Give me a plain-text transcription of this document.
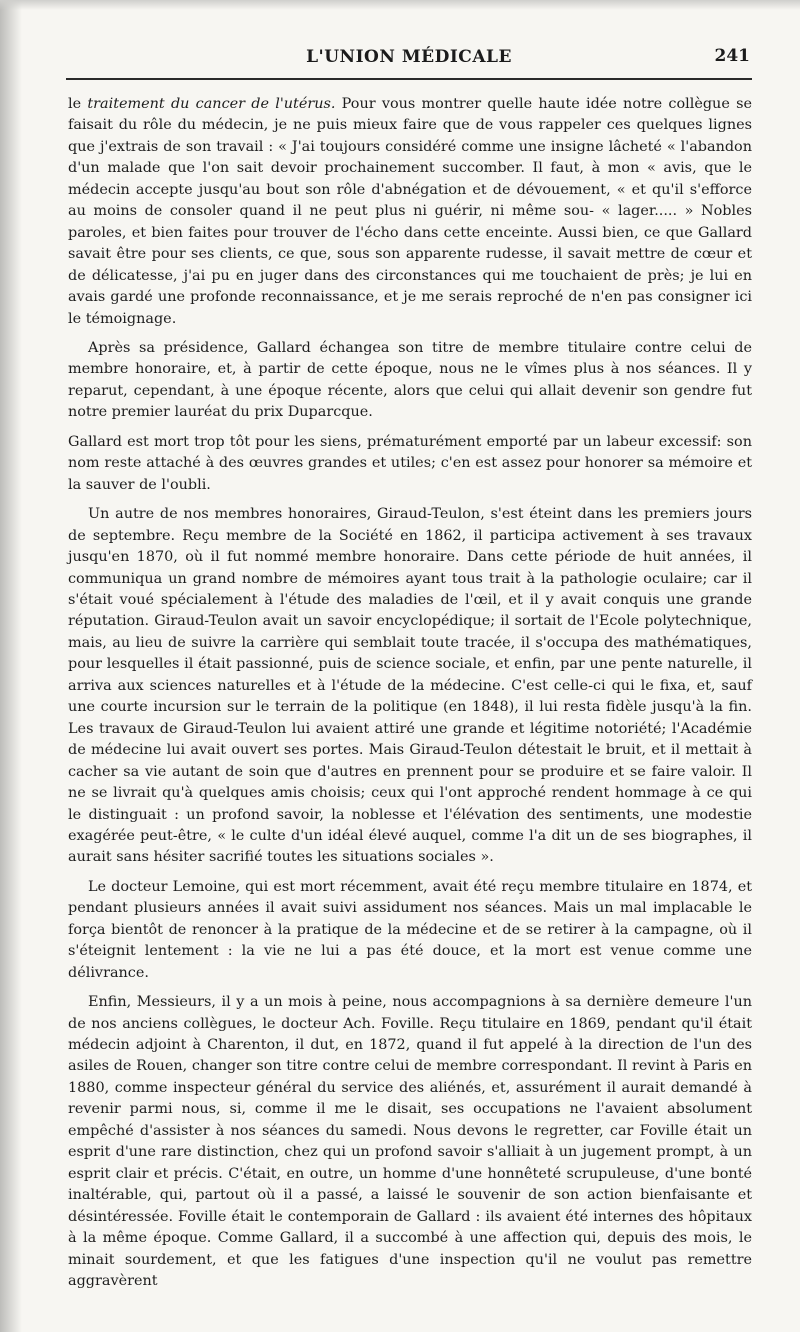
L'UNION MÉDICALE	241

le traitement du cancer de l'utérus. Pour vous montrer quelle haute idée notre collègue se faisait du rôle du médecin, je ne puis mieux faire que de vous rappeler ces quelques lignes que j'extrais de son travail : « J'ai toujours considéré comme une insigne lâcheté « l'abandon d'un malade que l'on sait devoir prochainement succomber. Il faut, à mon « avis, que le médecin accepte jusqu'au bout son rôle d'abnégation et de dévouement, « et qu'il s'efforce au moins de consoler quand il ne peut plus ni guérir, ni même sou- « lager..... » Nobles paroles, et bien faites pour trouver de l'écho dans cette enceinte. Aussi bien, ce que Gallard savait être pour ses clients, ce que, sous son apparente rudesse, il savait mettre de cœur et de délicatesse, j'ai pu en juger dans des circonstances qui me touchaient de près; je lui en avais gardé une profonde reconnaissance, et je me serais reproché de n'en pas consigner ici le témoignage.

Après sa présidence, Gallard échangea son titre de membre titulaire contre celui de membre honoraire, et, à partir de cette époque, nous ne le vîmes plus à nos séances. Il y reparut, cependant, à une époque récente, alors que celui qui allait devenir son gendre fut notre premier lauréat du prix Duparcque.

Gallard est mort trop tôt pour les siens, prématurément emporté par un labeur excessif: son nom reste attaché à des œuvres grandes et utiles; c'en est assez pour honorer sa mémoire et la sauver de l'oubli.

Un autre de nos membres honoraires, Giraud-Teulon, s'est éteint dans les premiers jours de septembre. Reçu membre de la Société en 1862, il participa activement à ses travaux jusqu'en 1870, où il fut nommé membre honoraire. Dans cette période de huit années, il communiqua un grand nombre de mémoires ayant tous trait à la pathologie oculaire; car il s'était voué spécialement à l'étude des maladies de l'œil, et il y avait conquis une grande réputation. Giraud-Teulon avait un savoir encyclopédique; il sortait de l'Ecole polytechnique, mais, au lieu de suivre la carrière qui semblait toute tracée, il s'occupa des mathématiques, pour lesquelles il était passionné, puis de science sociale, et enfin, par une pente naturelle, il arriva aux sciences naturelles et à l'étude de la médecine. C'est celle-ci qui le fixa, et, sauf une courte incursion sur le terrain de la politique (en 1848), il lui resta fidèle jusqu'à la fin. Les travaux de Giraud-Teulon lui avaient attiré une grande et légitime notoriété; l'Académie de médecine lui avait ouvert ses portes. Mais Giraud-Teulon détestait le bruit, et il mettait à cacher sa vie autant de soin que d'autres en prennent pour se produire et se faire valoir. Il ne se livrait qu'à quelques amis choisis; ceux qui l'ont approché rendent hommage à ce qui le distinguait : un profond savoir, la noblesse et l'élévation des sentiments, une modestie exagérée peut-être, « le culte d'un idéal élevé auquel, comme l'a dit un de ses biographes, il aurait sans hésiter sacrifié toutes les situations sociales ».

Le docteur Lemoine, qui est mort récemment, avait été reçu membre titulaire en 1874, et pendant plusieurs années il avait suivi assidument nos séances. Mais un mal implacable le força bientôt de renoncer à la pratique de la médecine et de se retirer à la campagne, où il s'éteignit lentement : la vie ne lui a pas été douce, et la mort est venue comme une délivrance.

Enfin, Messieurs, il y a un mois à peine, nous accompagnions à sa dernière demeure l'un de nos anciens collègues, le docteur Ach. Foville. Reçu titulaire en 1869, pendant qu'il était médecin adjoint à Charenton, il dut, en 1872, quand il fut appelé à la direction de l'un des asiles de Rouen, changer son titre contre celui de membre correspondant. Il revint à Paris en 1880, comme inspecteur général du service des aliénés, et, assurément il aurait demandé à revenir parmi nous, si, comme il me le disait, ses occupations ne l'avaient absolument empêché d'assister à nos séances du samedi. Nous devons le regretter, car Foville était un esprit d'une rare distinction, chez qui un profond savoir s'alliait à un jugement prompt, à un esprit clair et précis. C'était, en outre, un homme d'une honnêteté scrupuleuse, d'une bonté inaltérable, qui, partout où il a passé, a laissé le souvenir de son action bienfaisante et désintéressée. Foville était le contemporain de Gallard : ils avaient été internes des hôpitaux à la même époque. Comme Gallard, il a succombé à une affection qui, depuis des mois, le minait sourdement, et que les fatigues d'une inspection qu'il ne voulut pas remettre aggravèrent
